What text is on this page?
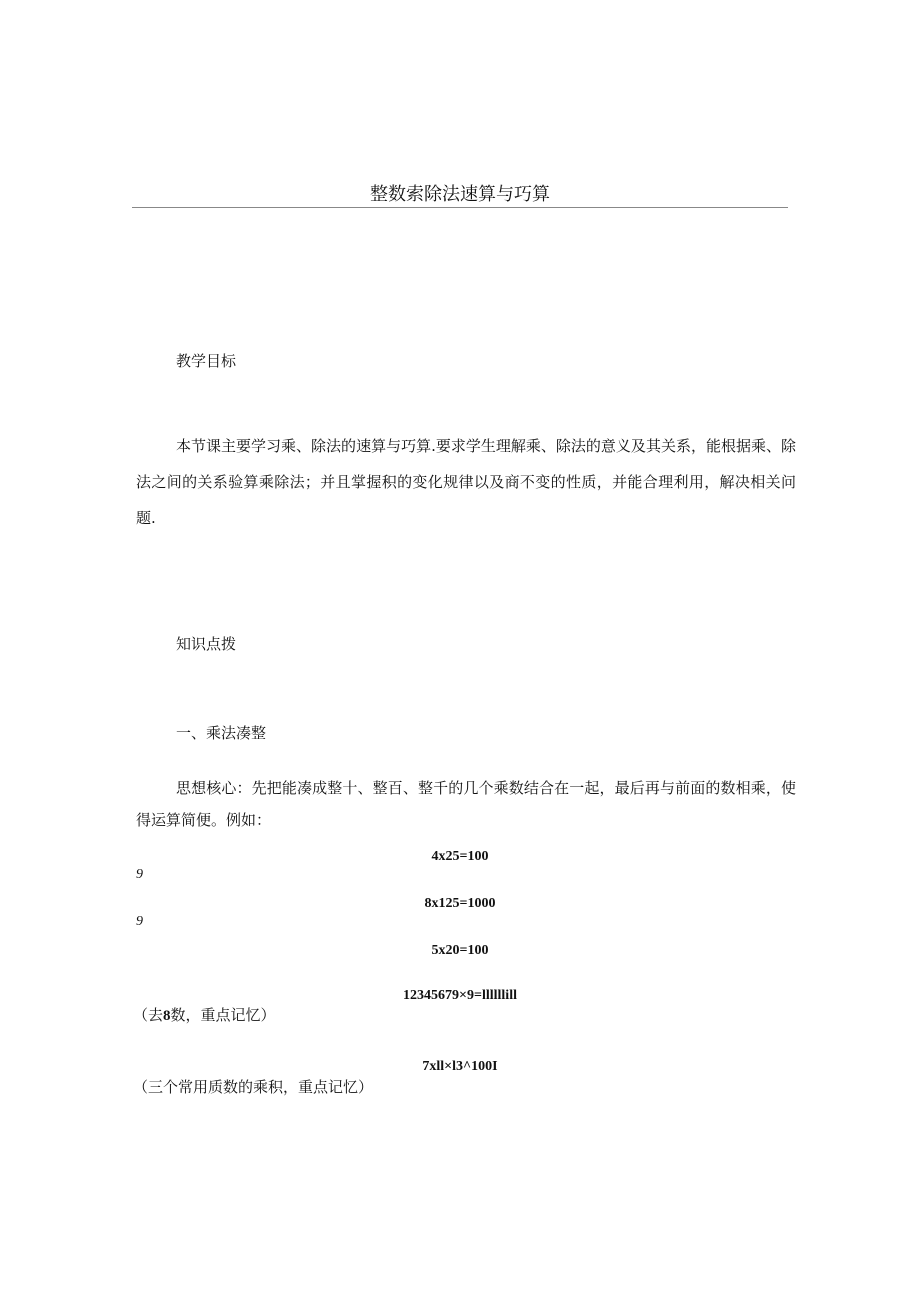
整数索除法速算与巧算
教学目标
本节课主要学习乘、除法的速算与巧算.要求学生理解乘、除法的意义及其关系，能根据乘、除法之间的关系验算乘除法；并且掌握积的变化规律以及商不变的性质，并能合理利用，解决相关问题.
知识点拨
一、乘法凑整
思想核心：先把能凑成整十、整百、整千的几个乘数结合在一起，最后再与前面的数相乘，使得运算简便。例如：
4x25=100
9
8x125=1000
9
5x20=100
12345679×9=llllllill
（去8数，重点记忆）
7xll×l3^100I
（三个常用质数的乘积，重点记忆）
